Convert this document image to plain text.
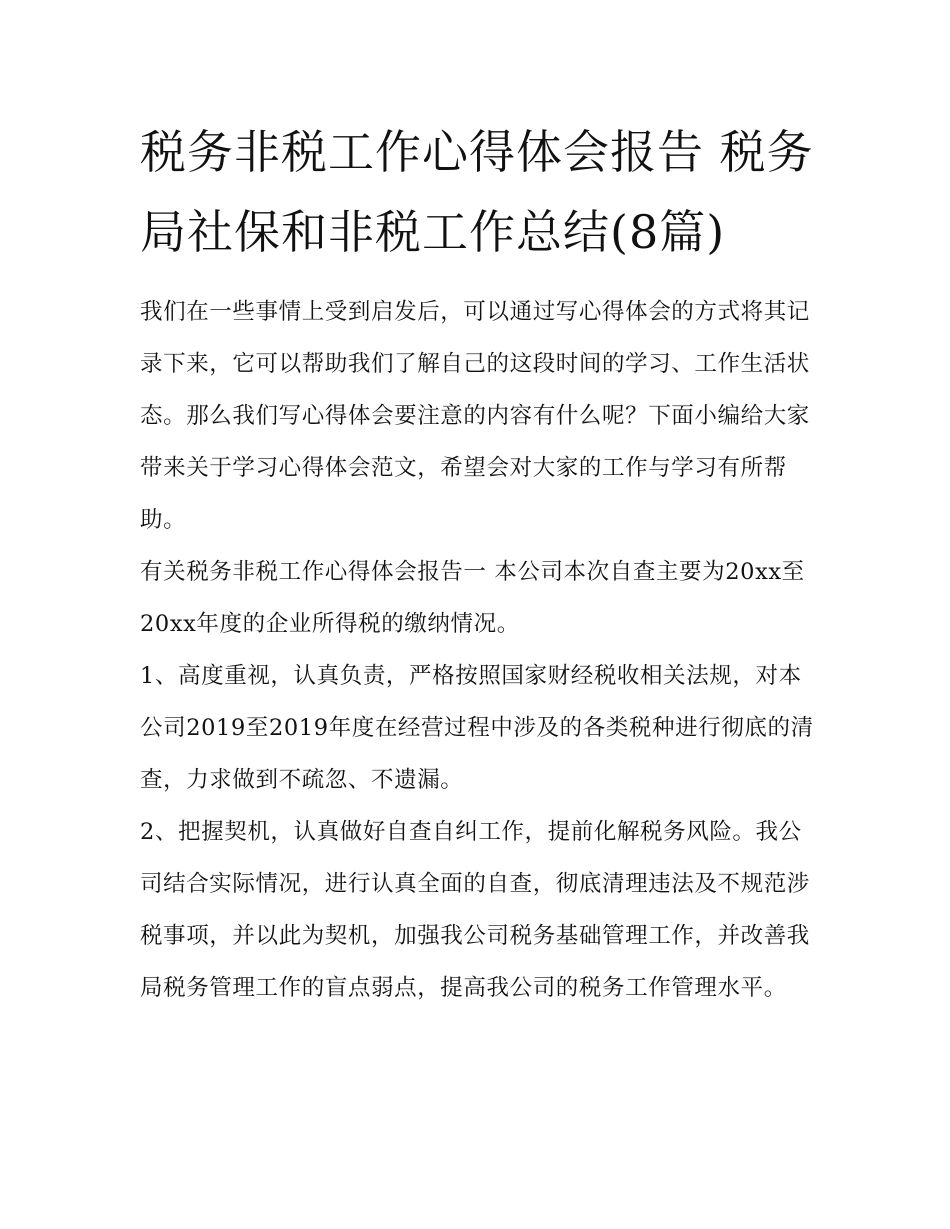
税务非税工作心得体会报告 税务局社保和非税工作总结(8篇)

我们在一些事情上受到启发后，可以通过写心得体会的方式将其记录下来，它可以帮助我们了解自己的这段时间的学习、工作生活状态。那么我们写心得体会要注意的内容有什么呢？下面小编给大家带来关于学习心得体会范文，希望会对大家的工作与学习有所帮助。

有关税务非税工作心得体会报告一 本公司本次自查主要为20xx至20xx年度的企业所得税的缴纳情况。

1、高度重视，认真负责，严格按照国家财经税收相关法规，对本公司2019至2019年度在经营过程中涉及的各类税种进行彻底的清查，力求做到不疏忽、不遗漏。

2、把握契机，认真做好自查自纠工作，提前化解税务风险。我公司结合实际情况，进行认真全面的自查，彻底清理违法及不规范涉税事项，并以此为契机，加强我公司税务基础管理工作，并改善我局税务管理工作的盲点弱点，提高我公司的税务工作管理水平。
